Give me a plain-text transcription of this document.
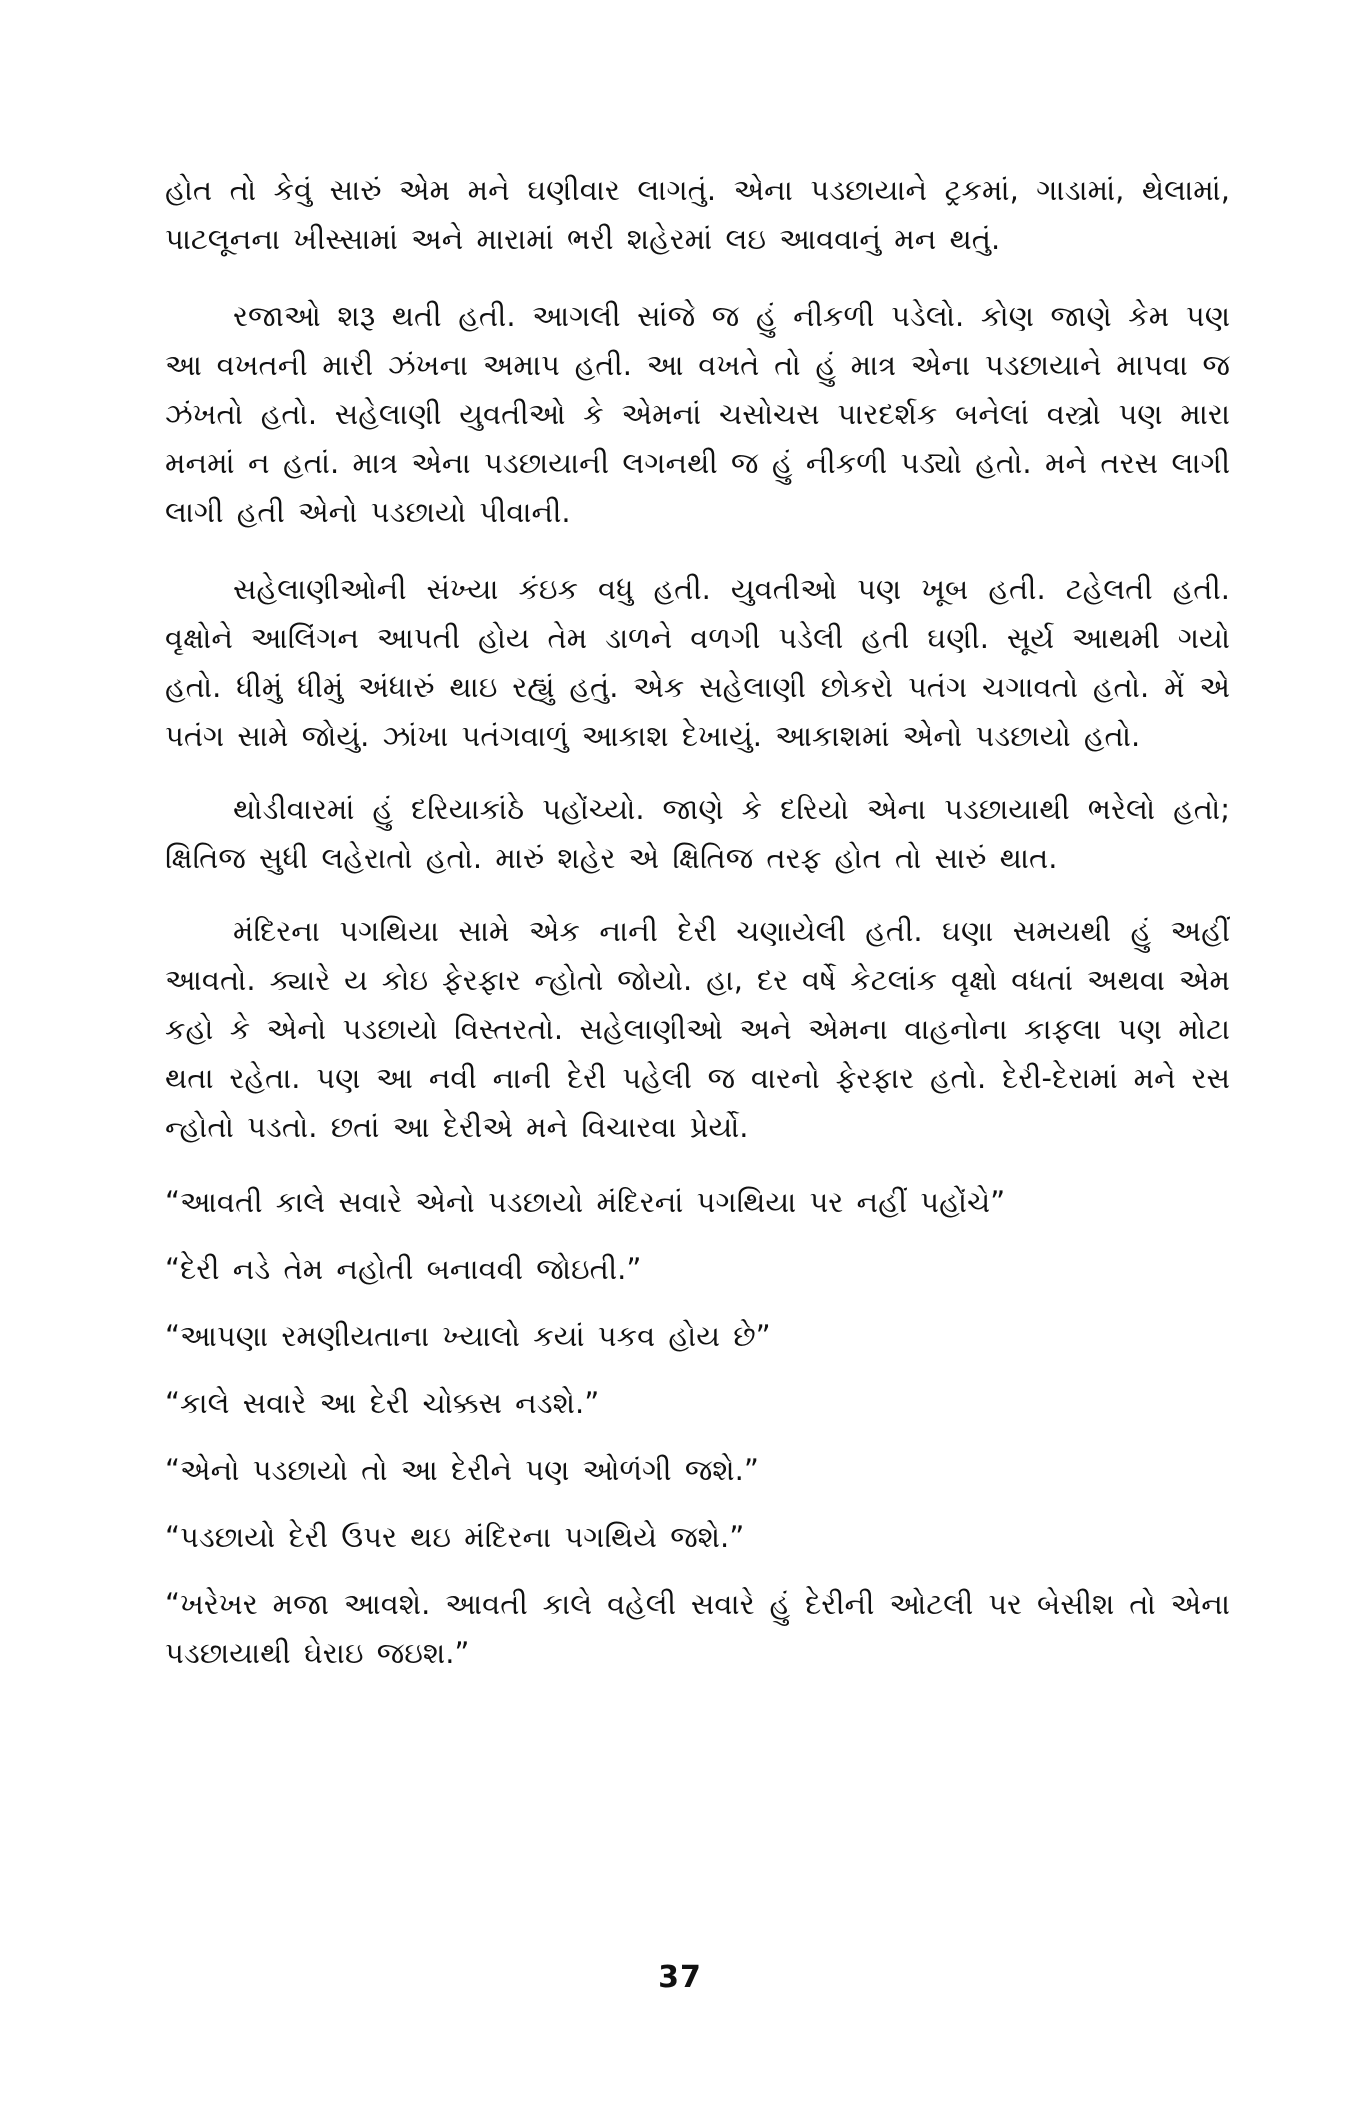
હોત તો કેવું સારું એમ મને ઘણીવાર લાગતું. એના પડછાયાને ટ્રકમાં, ગાડામાં, થેલામાં, પાટલૂનના ખીસ્સામાં અને મારામાં ભરી શહેરમાં લઇ આવવાનું મન થતું.

રજાઓ શરૂ થતી હતી. આગલી સાંજે જ હું નીકળી પડેલો. કોણ જાણે કેમ પણ આ વખતની મારી ઝંખના અમાપ હતી. આ વખતે તો હું માત્ર એના પડછાયાને માપવા જ ઝંખતો હતો. સહેલાણી યુવતીઓ કે એમનાં ચસોચસ પારદર્શક બનેલાં વસ્ત્રો પણ મારા મનમાં ન હતાં. માત્ર એના પડછાયાની લગનથી જ હું નીકળી પડ્યો હતો. મને તરસ લાગી લાગી હતી એનો પડછાયો પીવાની.

સહેલાણીઓની સંખ્યા કંઇક વધુ હતી. યુવતીઓ પણ ખૂબ હતી. ટહેલતી હતી. વૃક્ષોને આલિંગન આપતી હોય તેમ ડાળને વળગી પડેલી હતી ઘણી. સૂર્ય આથમી ગયો હતો. ધીમું ધીમું અંધારું થાઇ રહ્યું હતું. એક સહેલાણી છોકરો પતંગ ચગાવતો હતો. મેં એ પતંગ સામે જોયું. ઝાંખા પતંગવાળું આકાશ દેખાયું. આકાશમાં એનો પડછાયો હતો.

થોડીવારમાં હું દરિયાકાંઠે પહોંચ્યો. જાણે કે દરિયો એના પડછાયાથી ભરેલો હતો; ક્ષિતિજ સુધી લહેરાતો હતો. મારું શહેર એ ક્ષિતિજ તરફ હોત તો સારું થાત.

મંદિરના પગથિયા સામે એક નાની દેરી ચણાયેલી હતી. ઘણા સમયથી હું અહીં આવતો. ક્યારે ય કોઇ ફેરફાર ન્હોતો જોયો. હા, દર વર્ષે કેટલાંક વૃક્ષો વધતાં અથવા એમ કહો કે એનો પડછાયો વિસ્તરતો. સહેલાણીઓ અને એમના વાહનોના કાફલા પણ મોટા થતા રહેતા. પણ આ નવી નાની દેરી પહેલી જ વારનો ફેરફાર હતો. દેરી-દેરામાં મને રસ ન્હોતો પડતો. છતાં આ દેરીએ મને વિચારવા પ્રેર્યો.

“આવતી કાલે સવારે એનો પડછાયો મંદિરનાં પગથિયા પર નહીં પહોંચે”

“દેરી નડે તેમ નહોતી બનાવવી જોઇતી.”

“આપણા રમણીયતાના ખ્યાલો કયાં પકવ હોય છે”

“કાલે સવારે આ દેરી ચોક્કસ નડશે.”

“એનો પડછાયો તો આ દેરીને પણ ઓળંગી જશે.”

“પડછાયો દેરી ઉપર થઇ મંદિરના પગથિયે જશે.”

“ખરેખર મજા આવશે. આવતી કાલે વહેલી સવારે હું દેરીની ઓટલી પર બેસીશ તો એના પડછાયાથી ઘેરાઇ જઇશ.”

37
